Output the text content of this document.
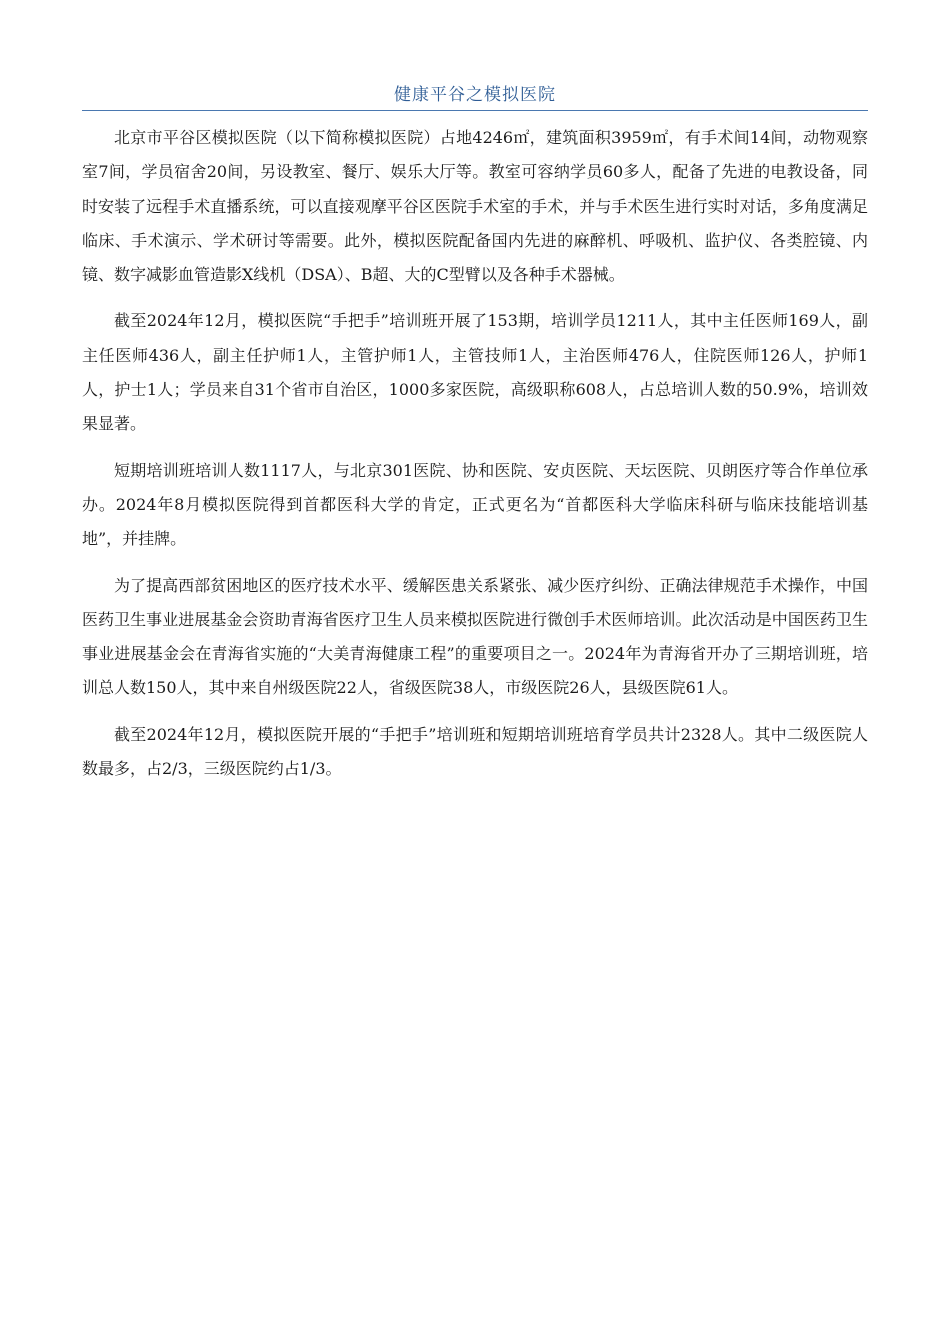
健康平谷之模拟医院

北京市平谷区模拟医院（以下简称模拟医院）占地4246㎡，建筑面积3959㎡，有手术间14间，动物观察室7间，学员宿舍20间，另设教室、餐厅、娱乐大厅等。教室可容纳学员60多人，配备了先进的电教设备，同时安装了远程手术直播系统，可以直接观摩平谷区医院手术室的手术，并与手术医生进行实时对话，多角度满足临床、手术演示、学术研讨等需要。此外，模拟医院配备国内先进的麻醉机、呼吸机、监护仪、各类腔镜、内镜、数字减影血管造影X线机（DSA）、B超、大的C型臂以及各种手术器械。

截至2024年12月，模拟医院“手把手”培训班开展了153期，培训学员1211人，其中主任医师169人，副主任医师436人，副主任护师1人，主管护师1人，主管技师1人，主治医师476人，住院医师126人，护师1人，护士1人；学员来自31个省市自治区，1000多家医院，高级职称608人，占总培训人数的50.9%，培训效果显著。

短期培训班培训人数1117人，与北京301医院、协和医院、安贞医院、天坛医院、贝朗医疗等合作单位承办。2024年8月模拟医院得到首都医科大学的肯定，正式更名为“首都医科大学临床科研与临床技能培训基地”，并挂牌。

为了提高西部贫困地区的医疗技术水平、缓解医患关系紧张、减少医疗纠纷、正确法律规范手术操作，中国医药卫生事业进展基金会资助青海省医疗卫生人员来模拟医院进行微创手术医师培训。此次活动是中国医药卫生事业进展基金会在青海省实施的“大美青海健康工程”的重要项目之一。2024年为青海省开办了三期培训班，培训总人数150人，其中来自州级医院22人，省级医院38人，市级医院26人，县级医院61人。

截至2024年12月，模拟医院开展的“手把手”培训班和短期培训班培育学员共计2328人。其中二级医院人数最多，占2/3，三级医院约占1/3。
